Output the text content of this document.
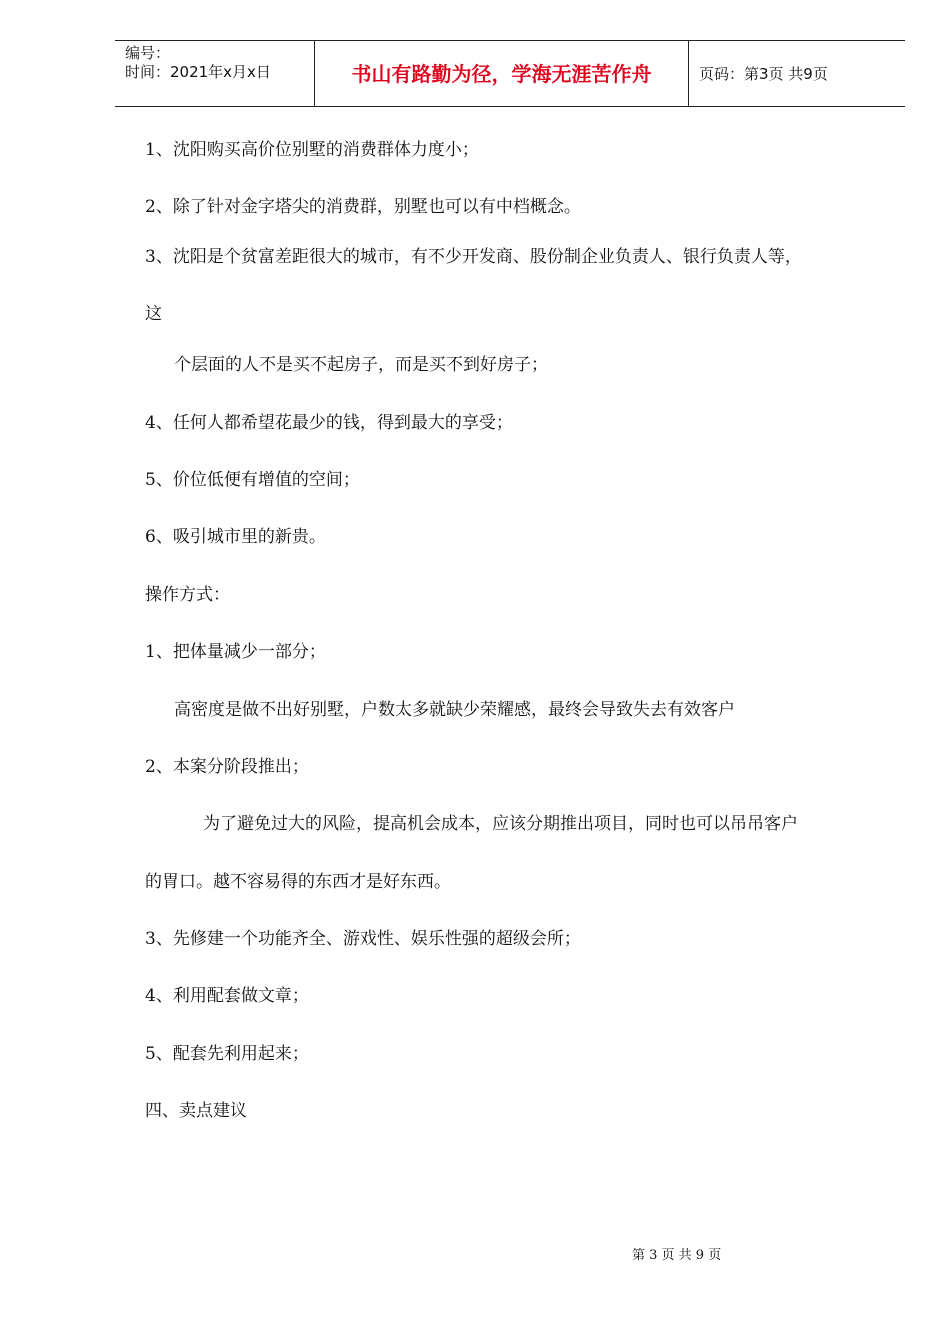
编号：
时间：2021年x月x日	书山有路勤为径，学海无涯苦作舟	页码：第3页 共9页
1、沈阳购买高价位别墅的消费群体力度小；
2、除了针对金字塔尖的消费群，别墅也可以有中档概念。
3、沈阳是个贫富差距很大的城市，有不少开发商、股份制企业负责人、银行负责人等，
这
个层面的人不是买不起房子，而是买不到好房子；
4、任何人都希望花最少的钱，得到最大的享受；
5、价位低便有增值的空间；
6、吸引城市里的新贵。
操作方式：
1、把体量减少一部分；
高密度是做不出好别墅，户数太多就缺少荣耀感，最终会导致失去有效客户
2、本案分阶段推出；
为了避免过大的风险，提高机会成本，应该分期推出项目，同时也可以吊吊客户
的胃口。越不容易得的东西才是好东西。
3、先修建一个功能齐全、游戏性、娱乐性强的超级会所；
4、利用配套做文章；
5、配套先利用起来；
四、卖点建议
第 3 页 共 9 页
